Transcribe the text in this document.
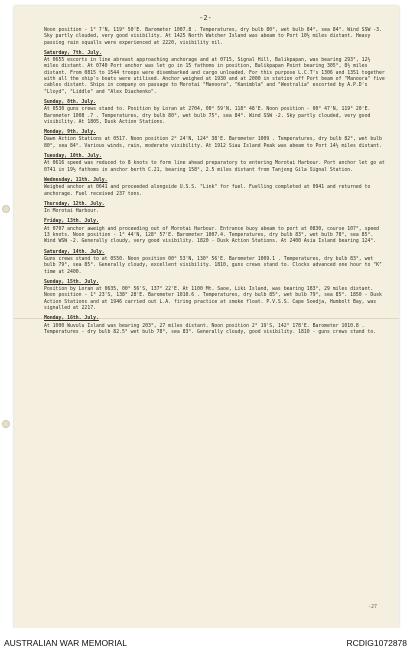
-2-
Noon position - 1° 7'N, 119° 50'E. Barometer 1007.8 . Temperatures, dry bulb 80°, wet bulb 84°, sea 84°. Wind SSW -3. Sky partly clouded, very good visibility. At 1425 North Watcher Island was abeam to Port 10½ miles distant. Heavy passing rain squalls were experienced at 2220, visibility nil.
Saturday, 7th. July.
At 0655 escorts in line abreast approaching anchorage and at 0715, Signal Hill, Balikpapan, was bearing 293°, 12½ miles distant. At 0740 Port anchor was let go in 15 fathoms in position, Balikpapan Point bearing 305°, 8½ miles distant. From 0815 to 1544 troops were disembarked and cargo unloaded. For this purpose L.C.T's 1306 and 1351 together with all the ship's boats were utilised. Anchor weighed at 1930 and at 2000 in station off Port beam of "Manoora" five cables distant. Ships in company on passage to Morotai "Manoora", "Kanimbla" and "Westralia" escorted by A.P.D's "Lloyd", "Liddle" and "Alex Diachenko".
Sunday, 8th. July.
At 0530 guns crews stand to. Position by Loran at 2704, 00° 59'N, 118° 48'E. Noon position - 00° 47'N, 119° 20'E. Barometer 1008 .7 . Temperatures, dry bulb 80°, wet bulb 75°, sea 84°. Wind SSW -2. Sky partly clouded, very good visibility. At 1805, Dusk Action Stations.
Monday, 9th. July.
Dawn Action Stations at 0517. Noon position 2° 24'N, 124° 38'E. Barometer 1009 . Temperatures, dry bulb 82°, wet bulb 80°, sea 84°. Various winds, rain, moderate visibility. At 1912 Siau Island Peak was abeam to Port 14½ miles distant.
Tuesday, 10th. July.
At 0616 speed was reduced to 8 knots to form line ahead preparatory to entering Morotai Harbour. Port anchor let go at 0741 in 19½ fathoms in anchor berth C.21, bearing 158°, 2.5 miles distant from Tanjong Gila Signal Station.
Wednesday, 11th. July.
Weighed anchor at 0641 and proceeded alongside U.S.S. "Link" for fuel. Fuelling completed at 0941 and returned to anchorage. Fuel received 237 tons.
Thursday, 12th. July.
In Morotai Harbour.
Friday, 13th. July.
At 0707 anchor aweigh and proceeding out of Morotai Harbour. Entrance buoy abeam to port at 0830, course 107°, speed 13 knots. Noon position - 1° 44'N, 128° 57'E. Barometer 1007.4. Temperatures, dry bulb 83°, wet bulb 78°, sea 85°. Wind WSW -2. Generally cloudy, very good visibility. 1820 - Dusk Action Stations. At 2400 Asia Island bearing 124°.
Saturday, 14th. July.
Guns crews stand to at 0550. Noon position 00° 53'N, 130° 56'E. Barometer 1009.1 . Temperatures, dry bulb 83°, wet bulb 79°, sea 85°. Generally cloudy, excellent visibility. 1810, guns crews stand to. Clocks advanced one hour to "K" time at 2400.
Sunday, 15th. July.
Position by Loran at 0635, 00° 56'S, 137° 22'E. At 1100 Mt. Saoe, Liki Island, was bearing 183°, 29 miles distant. Noon position - 1° 23'S, 138° 28'E. Barometer 1010.6 . Temperatures, dry bulb 85°, wet bulb 79°, sea 85°. 1850 - Dusk Action Stations and at 1946 carried out L.A. firing practice at smoke float. P.V.S.S. Cape Soedja, Humbolt Bay, was signalled at 2217.
Monday, 16th. July.
At 1000 Wuvulu Island was bearing 203°, 27 miles distant. Noon position 2° 19'S, 142° 178'E. Barometer 1010.8 . Temperatures - dry bulb 82.5° wet bulb 78°, sea 83°. Generally cloudy, good visibility. 1810 - guns crews stand to.
-27
AUSTRALIAN WAR MEMORIAL	RCDIG1072878
